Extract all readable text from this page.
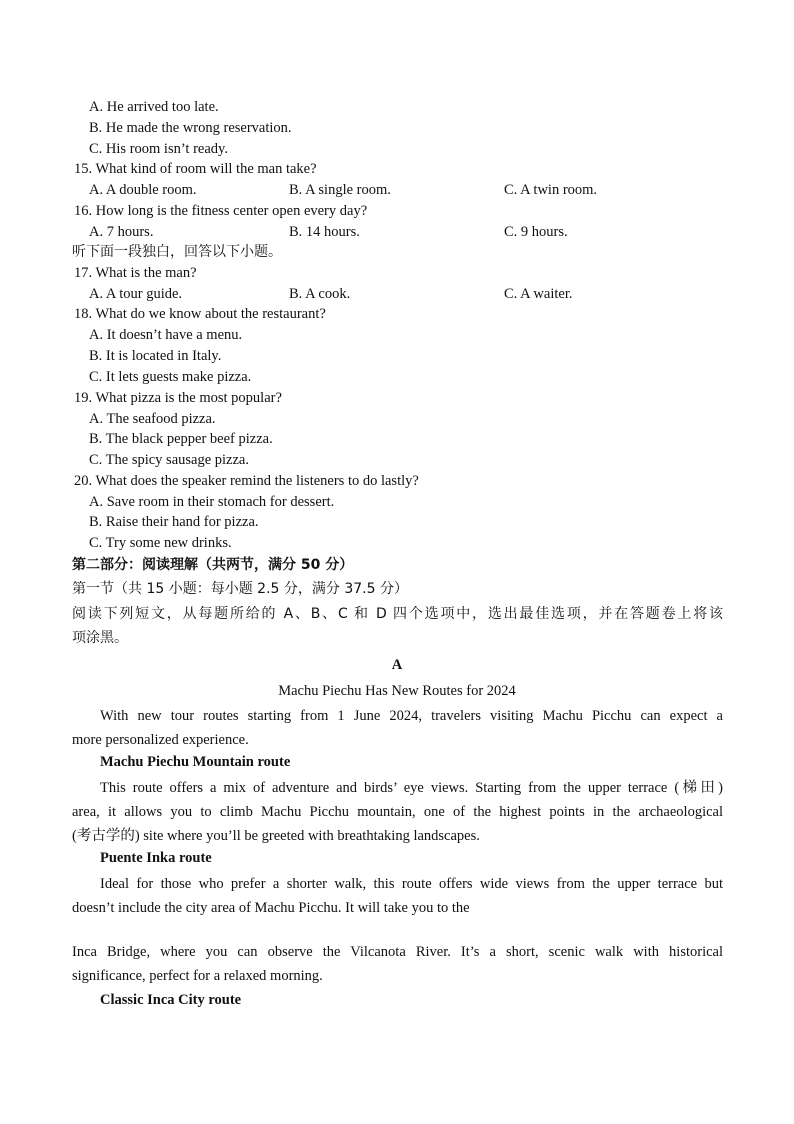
A. He arrived too late.
B. He made the wrong reservation.
C. His room isn’t ready.
15. What kind of room will the man take?
A. A double room.	B. A single room.	C. A twin room.
16. How long is the fitness center open every day?
A. 7 hours.	B. 14 hours.	C. 9 hours.
听下面一段独白，回答以下小题。
17. What is the man?
A. A tour guide.	B. A cook.	C. A waiter.
18. What do we know about the restaurant?
A. It doesn’t have a menu.
B. It is located in Italy.
C. It lets guests make pizza.
19. What pizza is the most popular?
A. The seafood pizza.
B. The black pepper beef pizza.
C. The spicy sausage pizza.
20. What does the speaker remind the listeners to do lastly?
A. Save room in their stomach for dessert.
B. Raise their hand for pizza.
C. Try some new drinks.
第二部分：阅读理解（共两节，满分 50 分）
第一节（共 15 小题：每小题 2.5 分，满分 37.5 分）
阅读下列短文，从每题所给的 A、B、C 和 D 四个选项中，选出最佳选项，并在答题卷上将该
项涂黑。
A
Machu Piechu Has New Routes for 2024
With new tour routes starting from 1 June 2024, travelers visiting Machu Picchu can expect a
more personalized experience.
Machu Piechu Mountain route
This route offers a mix of adventure and birds’ eye views. Starting from the upper terrace (梯田)
area, it allows you to climb Machu Picchu mountain, one of the highest points in the archaeological
(考古学的) site where you’ll be greeted with breathtaking landscapes.
Puente Inka route
Ideal for those who prefer a shorter walk, this route offers wide views from the upper terrace but
doesn’t include the city area of Machu Picchu. It will take you to the
Inca Bridge, where you can observe the Vilcanota River. It’s a short, scenic walk with historical
significance, perfect for a relaxed morning.
Classic Inca City route
